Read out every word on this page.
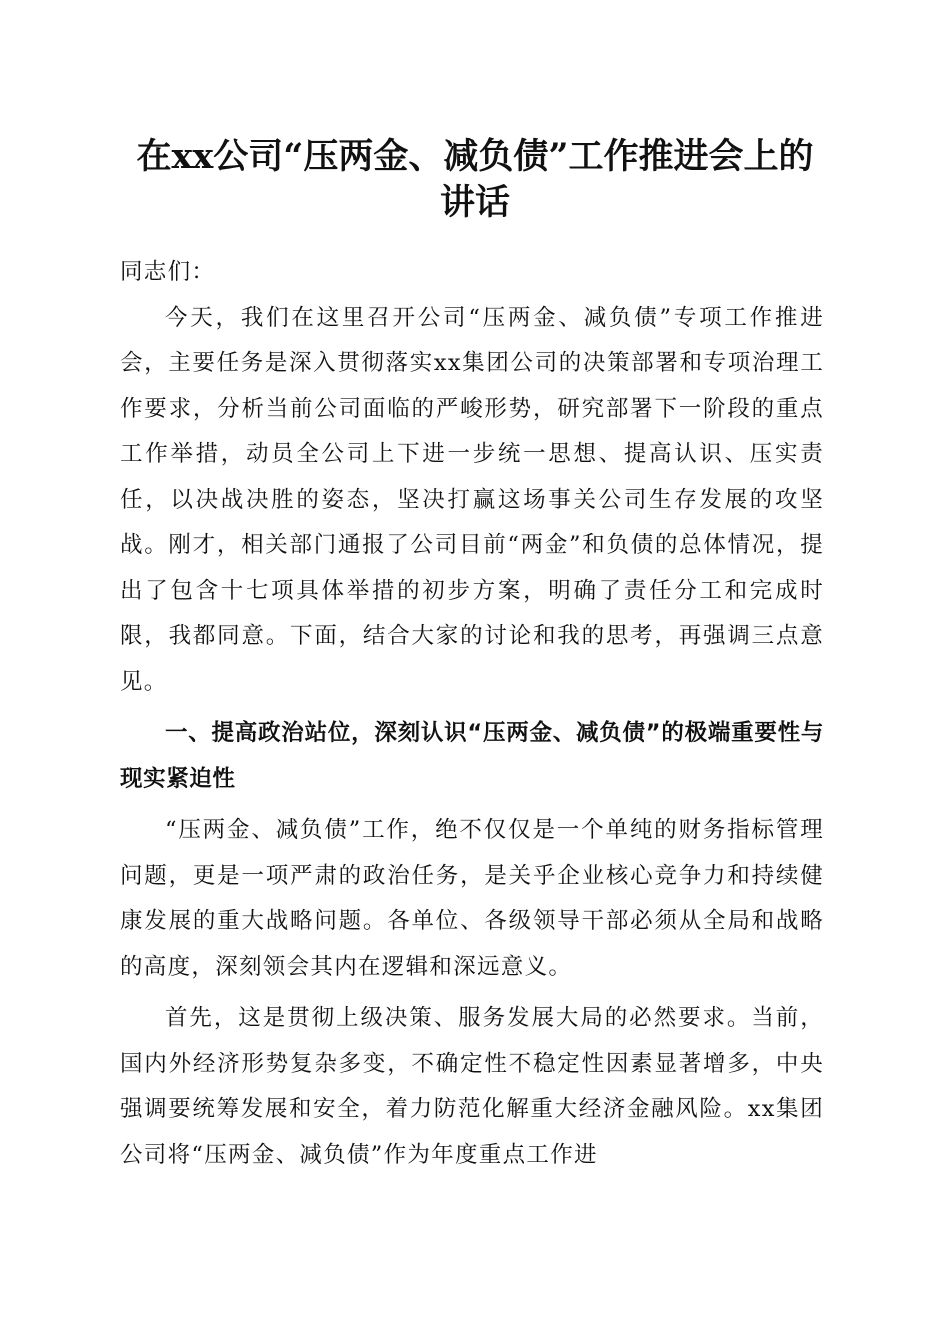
在xx公司“压两金、减负债”工作推进会上的讲话

同志们：

今天，我们在这里召开公司“压两金、减负债”专项工作推进会，主要任务是深入贯彻落实xx集团公司的决策部署和专项治理工作要求，分析当前公司面临的严峻形势，研究部署下一阶段的重点工作举措，动员全公司上下进一步统一思想、提高认识、压实责任，以决战决胜的姿态，坚决打赢这场事关公司生存发展的攻坚战。刚才，相关部门通报了公司目前“两金”和负债的总体情况，提出了包含十七项具体举措的初步方案，明确了责任分工和完成时限，我都同意。下面，结合大家的讨论和我的思考，再强调三点意见。

一、提高政治站位，深刻认识“压两金、减负债”的极端重要性与现实紧迫性

“压两金、减负债”工作，绝不仅仅是一个单纯的财务指标管理问题，更是一项严肃的政治任务，是关乎企业核心竞争力和持续健康发展的重大战略问题。各单位、各级领导干部必须从全局和战略的高度，深刻领会其内在逻辑和深远意义。

首先，这是贯彻上级决策、服务发展大局的必然要求。当前，国内外经济形势复杂多变，不确定性不稳定性因素显著增多，中央强调要统筹发展和安全，着力防范化解重大经济金融风险。xx集团公司将“压两金、减负债”作为年度重点工作进
